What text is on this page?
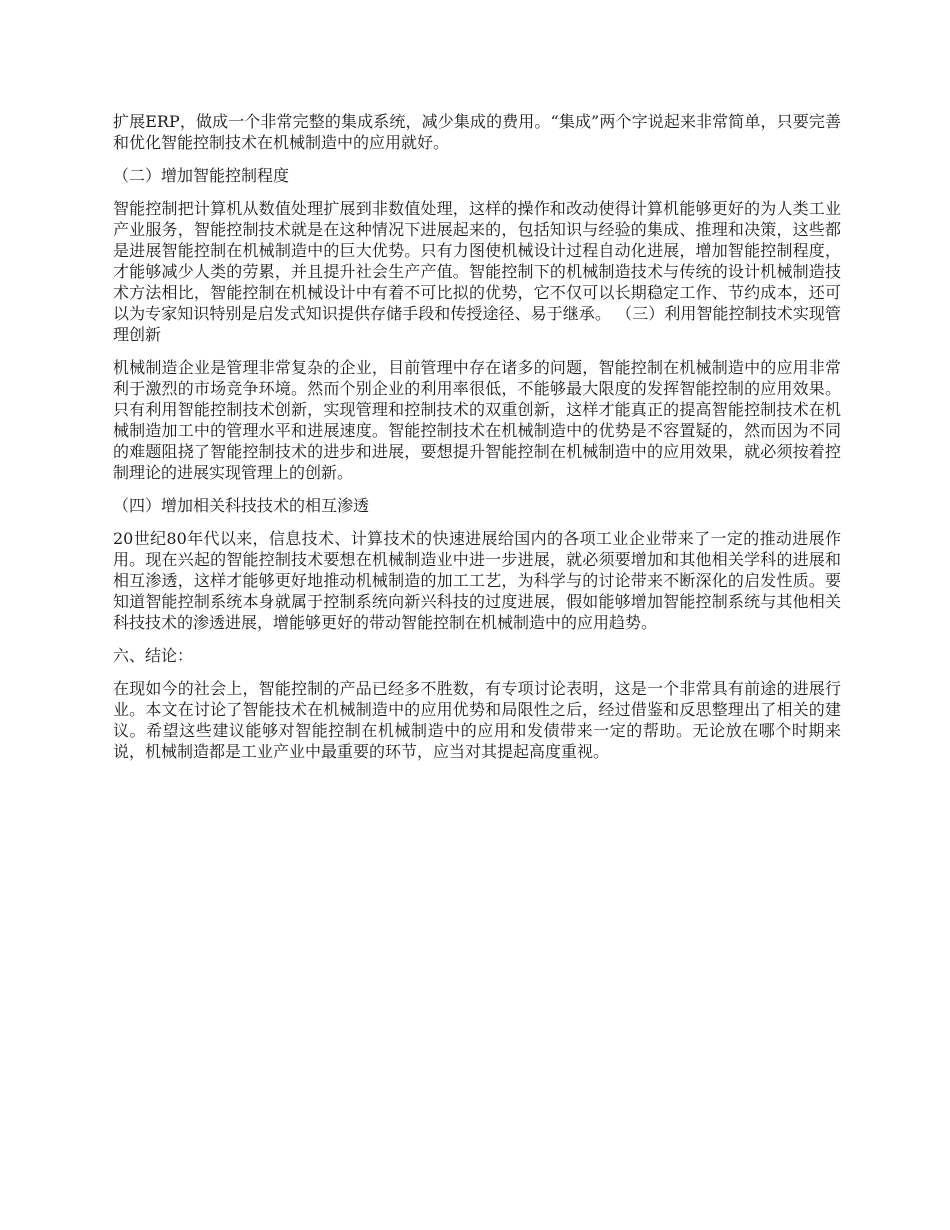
扩展ERP，做成一个非常完整的集成系统，减少集成的费用。“集成”两个字说起来非常简单，只要完善和优化智能控制技术在机械制造中的应用就好。

（二）增加智能控制程度

智能控制把计算机从数值处理扩展到非数值处理，这样的操作和改动使得计算机能够更好的为人类工业产业服务，智能控制技术就是在这种情况下进展起来的，包括知识与经验的集成、推理和决策，这些都是进展智能控制在机械制造中的巨大优势。只有力图使机械设计过程自动化进展，增加智能控制程度，才能够减少人类的劳累，并且提升社会生产产值。智能控制下的机械制造技术与传统的设计机械制造技术方法相比，智能控制在机械设计中有着不可比拟的优势，它不仅可以长期稳定工作、节约成本，还可以为专家知识特别是启发式知识提供存储手段和传授途径、易于继承。 （三）利用智能控制技术实现管理创新

机械制造企业是管理非常复杂的企业，目前管理中存在诸多的问题，智能控制在机械制造中的应用非常利于激烈的市场竞争环境。然而个别企业的利用率很低，不能够最大限度的发挥智能控制的应用效果。只有利用智能控制技术创新，实现管理和控制技术的双重创新，这样才能真正的提高智能控制技术在机械制造加工中的管理水平和进展速度。智能控制技术在机械制造中的优势是不容置疑的，然而因为不同的难题阻挠了智能控制技术的进步和进展，要想提升智能控制在机械制造中的应用效果，就必须按着控制理论的进展实现管理上的创新。

（四）增加相关科技技术的相互渗透

20世纪80年代以来，信息技术、计算技术的快速进展给国内的各项工业企业带来了一定的推动进展作用。现在兴起的智能控制技术要想在机械制造业中进一步进展，就必须要增加和其他相关学科的进展和相互渗透，这样才能够更好地推动机械制造的加工工艺，为科学与的讨论带来不断深化的启发性质。要知道智能控制系统本身就属于控制系统向新兴科技的过度进展，假如能够增加智能控制系统与其他相关科技技术的渗透进展，增能够更好的带动智能控制在机械制造中的应用趋势。

六、结论：

在现如今的社会上，智能控制的产品已经多不胜数，有专项讨论表明，这是一个非常具有前途的进展行业。本文在讨论了智能技术在机械制造中的应用优势和局限性之后，经过借鉴和反思整理出了相关的建议。希望这些建议能够对智能控制在机械制造中的应用和发债带来一定的帮助。无论放在哪个时期来说，机械制造都是工业产业中最重要的环节，应当对其提起高度重视。
